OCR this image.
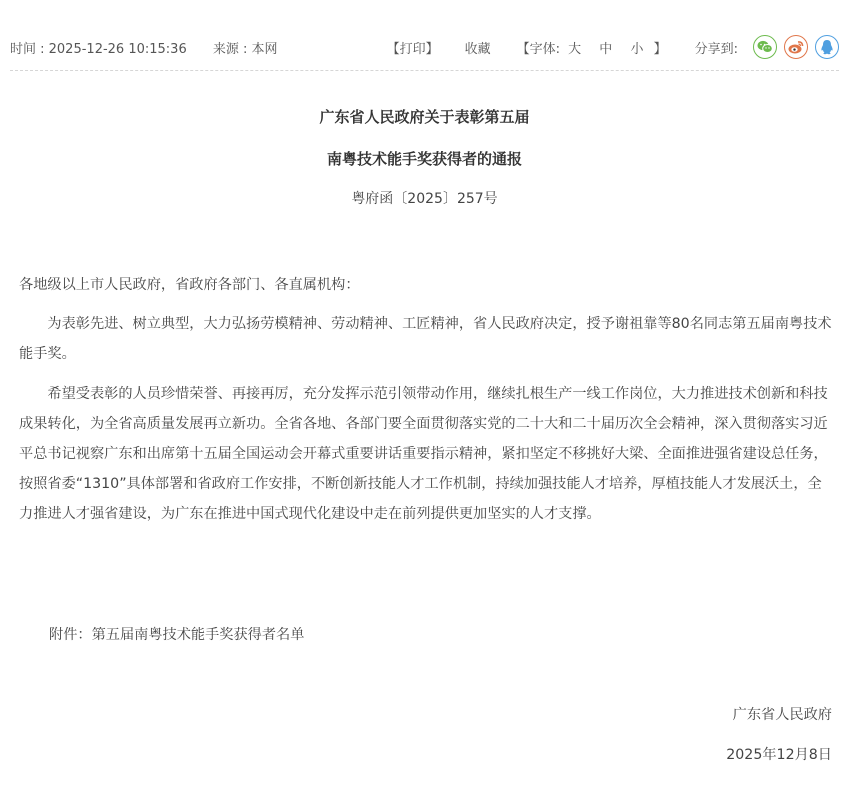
时间 : 2025-12-26 10:15:36 来源 : 本网	【打印】 收藏 【字体: 大 中 小 】 分享到:
广东省人民政府关于表彰第五届
南粤技术能手奖获得者的通报
粤府函〔2025〕257号
各地级以上市人民政府，省政府各部门、各直属机构：

为表彰先进、树立典型，大力弘扬劳模精神、劳动精神、工匠精神，省人民政府决定，授予谢祖靠等80名同志第五届南粤技术能手奖。

希望受表彰的人员珍惜荣誉、再接再厉，充分发挥示范引领带动作用，继续扎根生产一线工作岗位，大力推进技术创新和科技成果转化，为全省高质量发展再立新功。全省各地、各部门要全面贯彻落实党的二十大和二十届历次全会精神，深入贯彻落实习近平总书记视察广东和出席第十五届全国运动会开幕式重要讲话重要指示精神，紧扣坚定不移挑好大梁、全面推进强省建设总任务，按照省委“1310”具体部署和省政府工作安排，不断创新技能人才工作机制，持续加强技能人才培养，厚植技能人才发展沃土，全力推进人才强省建设，为广东在推进中国式现代化建设中走在前列提供更加坚实的人才支撑。

附件：第五届南粤技术能手奖获得者名单
广东省人民政府
2025年12月8日
